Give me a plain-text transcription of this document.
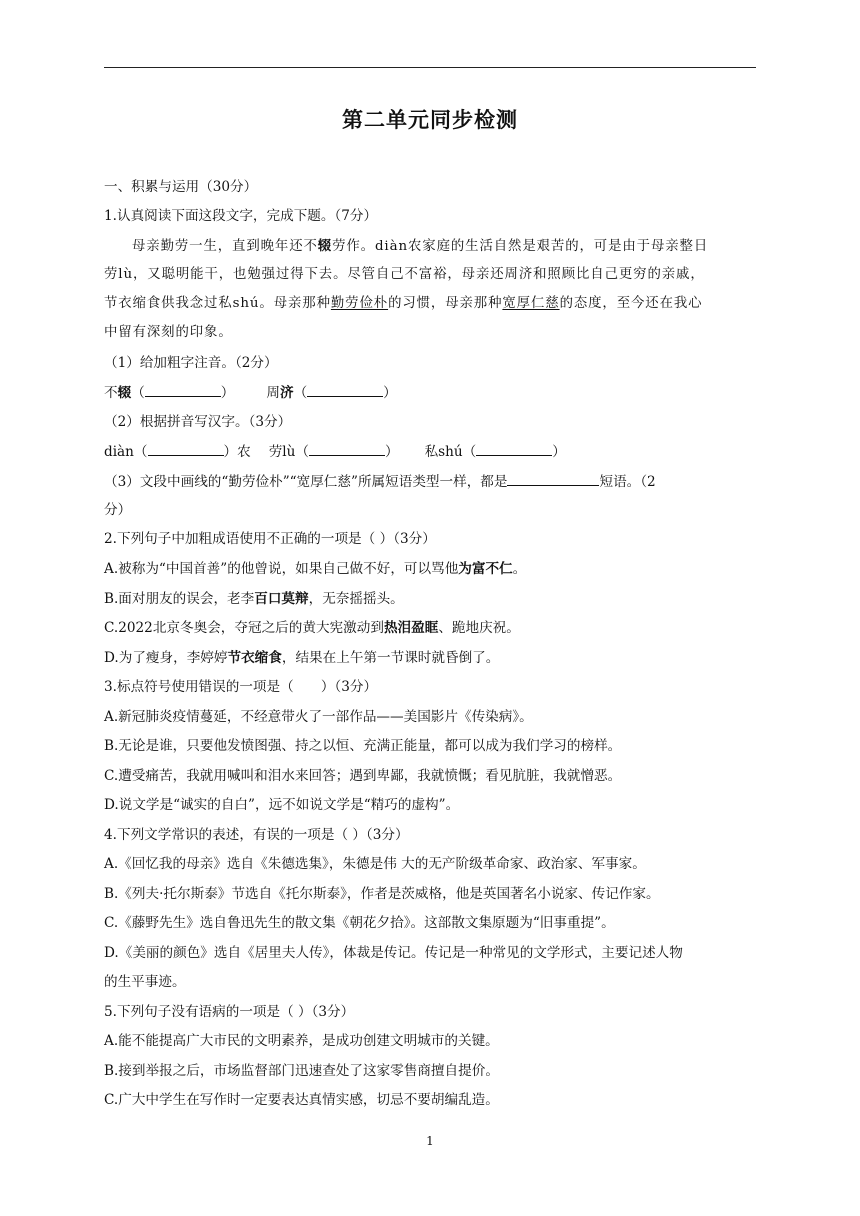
第二单元同步检测
一、积累与运用（30分）
1.认真阅读下面这段文字，完成下题。（7分）
母亲勤劳一生，直到晚年还不辍劳作。diàn农家庭的生活自然是艰苦的，可是由于母亲整日
劳lù，又聪明能干，也勉强过得下去。尽管自己不富裕，母亲还周济和照顾比自己更穷的亲戚，
节衣缩食供我念过私shú。母亲那种勤劳俭朴的习惯，母亲那种宽厚仁慈的态度，至今还在我心
中留有深刻的印象。
（1）给加粗字注音。（2分）
不辍（	） 周济（	）
（2）根据拼音写汉字。（3分）
diàn（	）农 劳lù（	） 私shú（	）
（3）文段中画线的“勤劳俭朴”“宽厚仁慈”所属短语类型一样，都是	短语。（2
分）
2.下列句子中加粗成语使用不正确的一项是（ ）（3分）
A.被称为“中国首善”的他曾说，如果自己做不好，可以骂他为富不仁。
B.面对朋友的误会，老李百口莫辩，无奈摇摇头。
C.2022北京冬奥会，夺冠之后的黄大宪激动到热泪盈眶、跪地庆祝。
D.为了瘦身，李婷婷节衣缩食，结果在上午第一节课时就昏倒了。
3.标点符号使用错误的一项是（　　）（3分）
A.新冠肺炎疫情蔓延，不经意带火了一部作品——美国影片《传染病》。
B.无论是谁，只要他发愤图强、持之以恒、充满正能量，都可以成为我们学习的榜样。
C.遭受痛苦，我就用喊叫和泪水来回答；遇到卑鄙，我就愤慨；看见肮脏，我就憎恶。
D.说文学是“诚实的自白”，远不如说文学是“精巧的虚构”。
4.下列文学常识的表述，有误的一项是（ ）（3分）
A.《回忆我的母亲》选自《朱德选集》，朱德是伟 大的无产阶级革命家、政治家、军事家。
B.《列夫·托尔斯泰》节选自《托尔斯泰》，作者是茨威格，他是英国著名小说家、传记作家。
C.《藤野先生》选自鲁迅先生的散文集《朝花夕拾》。这部散文集原题为“旧事重提”。
D.《美丽的颜色》选自《居里夫人传》，体裁是传记。传记是一种常见的文学形式，主要记述人物
的生平事迹。
5.下列句子没有语病的一项是（ ）（3分）
A.能不能提高广大市民的文明素养，是成功创建文明城市的关键。
B.接到举报之后，市场监督部门迅速查处了这家零售商擅自提价。
C.广大中学生在写作时一定要表达真情实感，切忌不要胡编乱造。
1
